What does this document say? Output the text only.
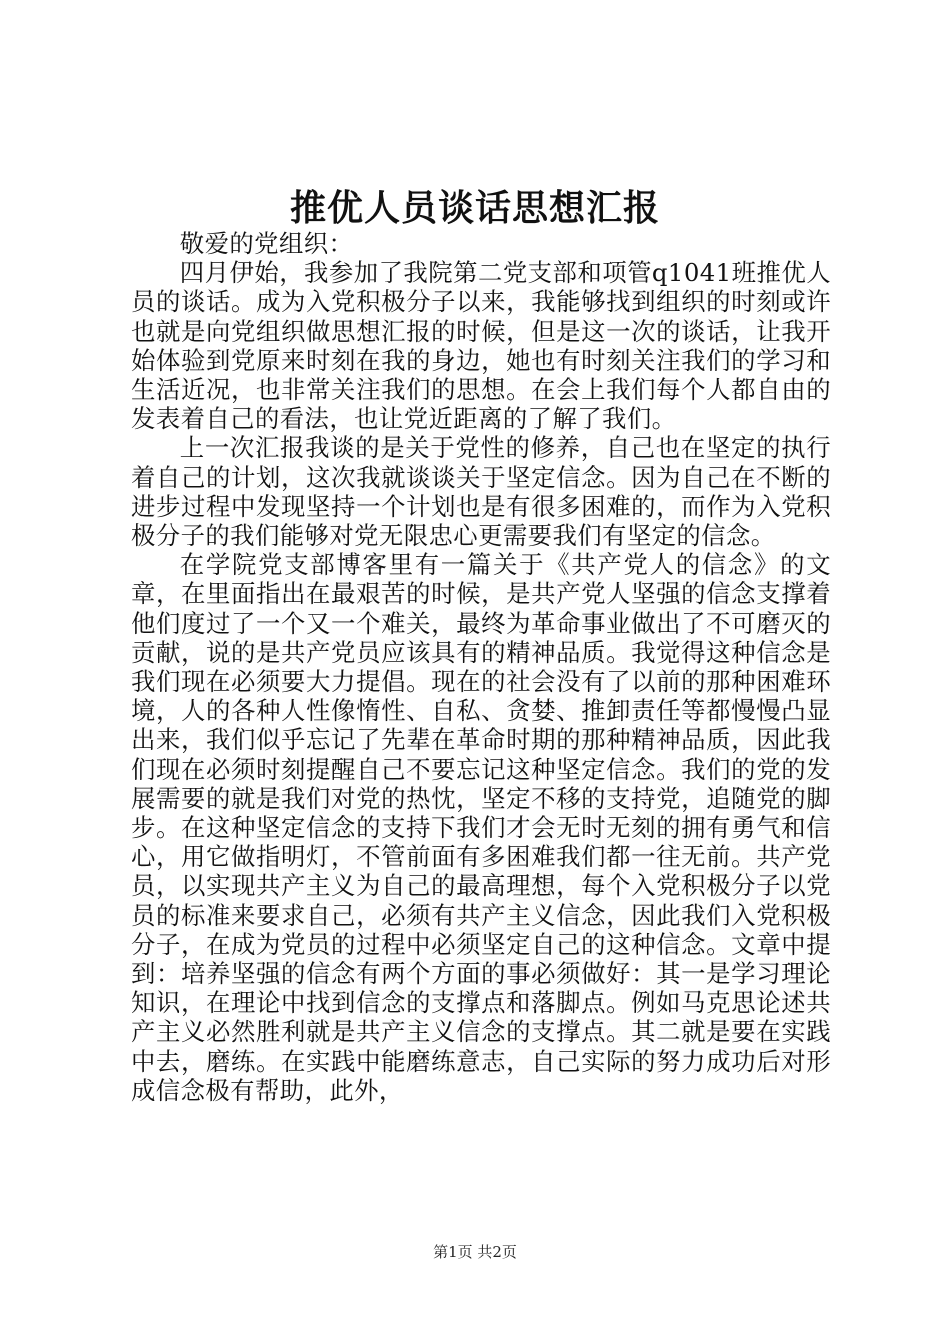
推优人员谈话思想汇报

敬爱的党组织：

四月伊始，我参加了我院第二党支部和项管q1041班推优人员的谈话。成为入党积极分子以来，我能够找到组织的时刻或许也就是向党组织做思想汇报的时候，但是这一次的谈话，让我开始体验到党原来时刻在我的身边，她也有时刻关注我们的学习和生活近况，也非常关注我们的思想。在会上我们每个人都自由的发表着自己的看法，也让党近距离的了解了我们。

上一次汇报我谈的是关于党性的修养，自己也在坚定的执行着自己的计划，这次我就谈谈关于坚定信念。因为自己在不断的进步过程中发现坚持一个计划也是有很多困难的，而作为入党积极分子的我们能够对党无限忠心更需要我们有坚定的信念。

在学院党支部博客里有一篇关于《共产党人的信念》的文章，在里面指出在最艰苦的时候，是共产党人坚强的信念支撑着他们度过了一个又一个难关，最终为革命事业做出了不可磨灭的贡献，说的是共产党员应该具有的精神品质。我觉得这种信念是我们现在必须要大力提倡。现在的社会没有了以前的那种困难环境，人的各种人性像惰性、自私、贪婪、推卸责任等都慢慢凸显出来，我们似乎忘记了先辈在革命时期的那种精神品质，因此我们现在必须时刻提醒自己不要忘记这种坚定信念。我们的党的发展需要的就是我们对党的热忱，坚定不移的支持党，追随党的脚步。在这种坚定信念的支持下我们才会无时无刻的拥有勇气和信心，用它做指明灯，不管前面有多困难我们都一往无前。共产党员，以实现共产主义为自己的最高理想，每个入党积极分子以党员的标准来要求自己，必须有共产主义信念，因此我们入党积极分子，在成为党员的过程中必须坚定自己的这种信念。文章中提到：培养坚强的信念有两个方面的事必须做好：其一是学习理论知识，在理论中找到信念的支撑点和落脚点。例如马克思论述共产主义必然胜利就是共产主义信念的支撑点。其二就是要在实践中去，磨练。在实践中能磨练意志，自己实际的努力成功后对形成信念极有帮助，此外，

第1页 共2页
